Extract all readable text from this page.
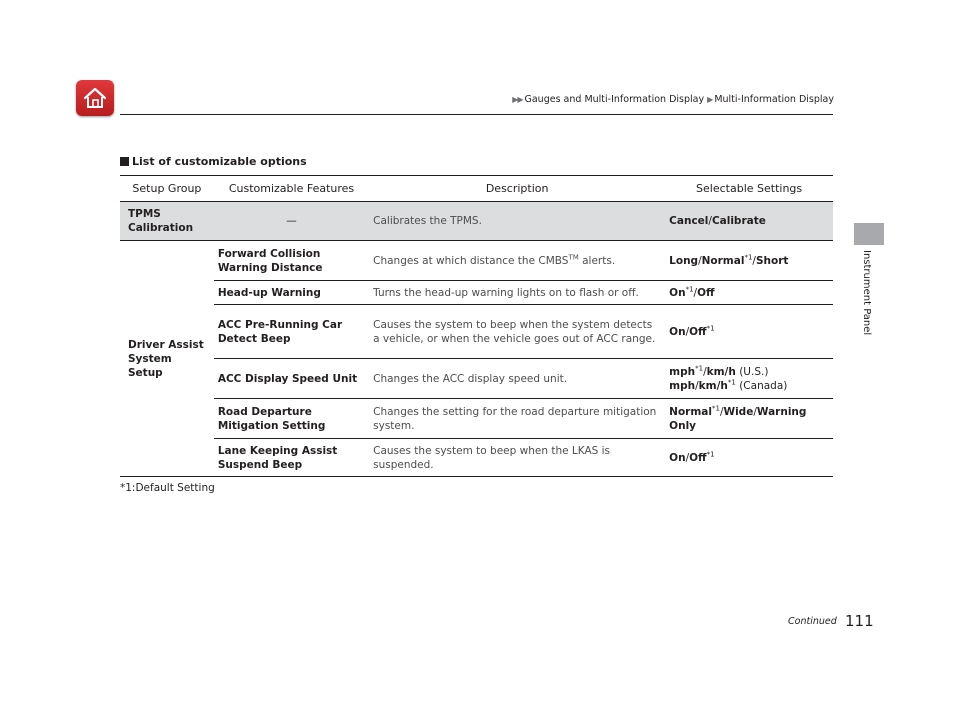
▶▶ Gauges and Multi-Information Display ▶ Multi-Information Display
Instrument Panel
List of customizable options
Setup Group	Customizable Features	Description	Selectable Settings
TPMS Calibration	—	Calibrates the TPMS.	Cancel/Calibrate
Driver Assist System Setup	Forward Collision Warning Distance	Changes at which distance the CMBS™ alerts.	Long/Normal$^{*1}$/Short
	Head-up Warning	Turns the head-up warning lights on to flash or off.	On$^{*1}$/Off
	ACC Pre-Running Car Detect Beep	Causes the system to beep when the system detects a vehicle, or when the vehicle goes out of ACC range.	On/Off$^{*1}$
	ACC Display Speed Unit	Changes the ACC display speed unit.	mph$^{*1}$/km/h (U.S.)
mph/$km/h^{*1}$ (Canada)
	Road Departure Mitigation Setting	Changes the setting for the road departure mitigation system.	Normal$^{*1}$/Wide/Warning Only
	Lane Keeping Assist Suspend Beep	Causes the system to beep when the LKAS is suspended.	On/Off$^{*1}$
*1:Default Setting
Continued 111
